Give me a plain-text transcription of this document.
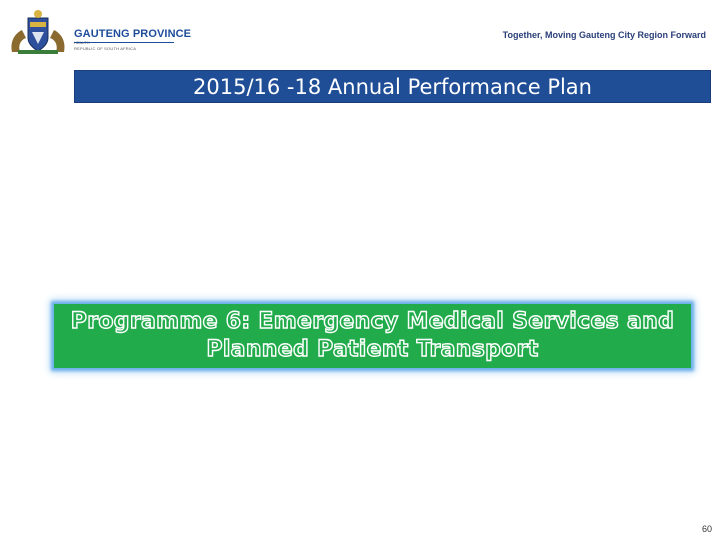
GAUTENG PROVINCE
REPUBLIC OF SOUTH AFRICA
Together, Moving Gauteng City Region Forward
2015/16 -18 Annual Performance Plan
Programme 6: Emergency Medical Services and
Planned Patient Transport
60
